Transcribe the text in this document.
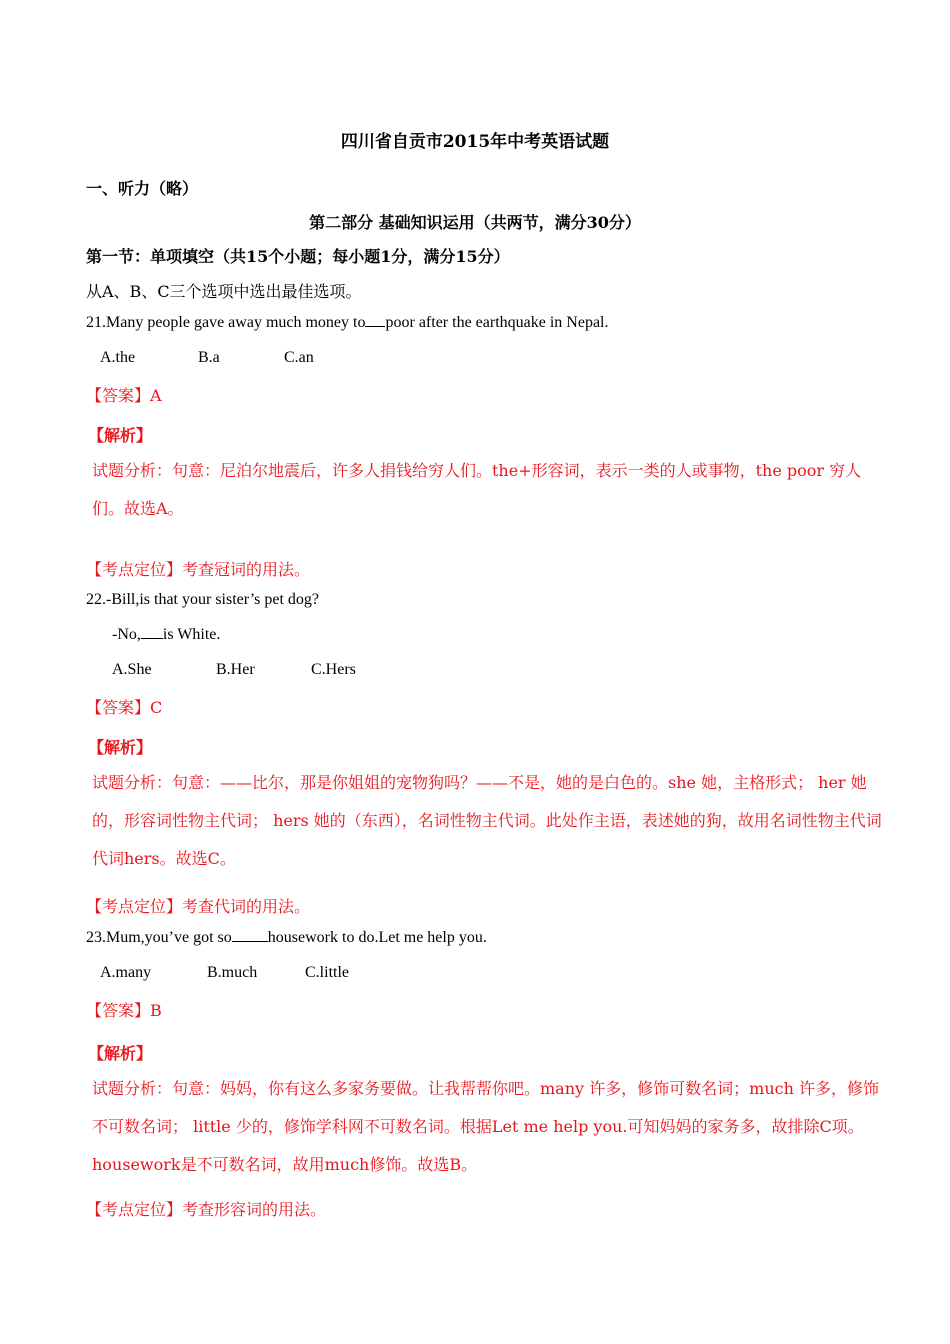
四川省自贡市2015年中考英语试题
一、听力（略）
第二部分 基础知识运用（共两节，满分30分）
第一节：单项填空（共15个小题；每小题1分，满分15分）
从A、B、C三个选项中选出最佳选项。
21.Many people gave away much money to poor after the earthquake in Nepal.
A.the	B.a	C.an
【答案】A
【解析】
试题分析：句意：尼泊尔地震后，许多人捐钱给穷人们。the+形容词，表示一类的人或事物，the poor 穷人们。故选A。
【考点定位】考查冠词的用法。
22.-Bill,is that your sister’s pet dog?
-No, is White.
A.She	B.Her	C.Hers
【答案】C
【解析】
试题分析：句意：——比尔，那是你姐姐的宠物狗吗？——不是，她的是白色的。she 她，主格形式； her 她的，形容词性物主代词； hers 她的（东西），名词性物主代词。此处作主语，表述她的狗，故用名词性物主代词代词hers。故选C。
【考点定位】考查代词的用法。
23.Mum,you’ve got so housework to do.Let me help you.
A.many	B.much	C.little
【答案】B
【解析】
试题分析：句意：妈妈，你有这么多家务要做。让我帮帮你吧。many 许多，修饰可数名词；much 许多，修饰不可数名词； little 少的，修饰学科网不可数名词。根据Let me help you.可知妈妈的家务多，故排除C项。housework是不可数名词，故用much修饰。故选B。
【考点定位】考查形容词的用法。
